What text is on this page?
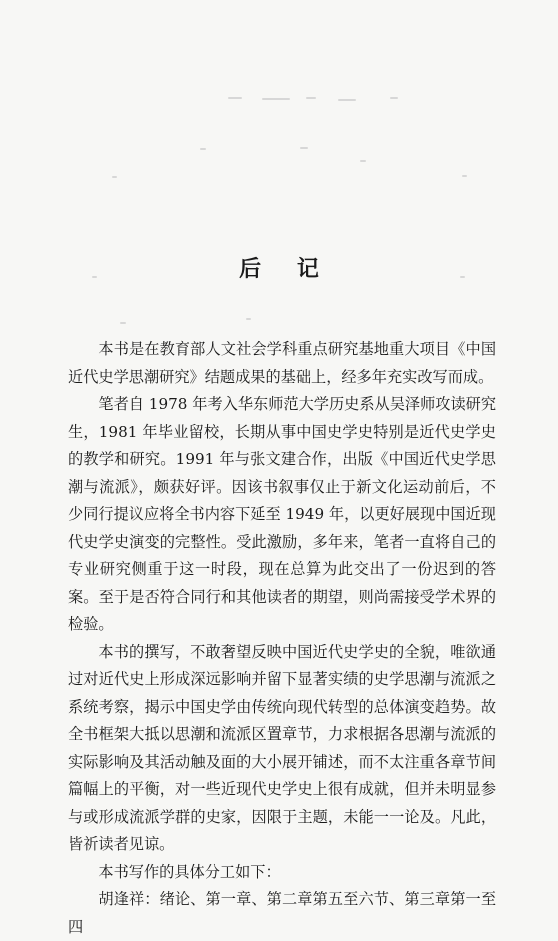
后 记

本书是在教育部人文社会学科重点研究基地重大项目《中国近代史学思潮研究》结题成果的基础上，经多年充实改写而成。

笔者自 1978 年考入华东师范大学历史系从吴泽师攻读研究生，1981 年毕业留校，长期从事中国史学史特别是近代史学史的教学和研究。1991 年与张文建合作，出版《中国近代史学思潮与流派》，颇获好评。因该书叙事仅止于新文化运动前后，不少同行提议应将全书内容下延至 1949 年，以更好展现中国近现代史学史演变的完整性。受此激励，多年来，笔者一直将自己的专业研究侧重于这一时段，现在总算为此交出了一份迟到的答案。至于是否符合同行和其他读者的期望，则尚需接受学术界的检验。

本书的撰写，不敢奢望反映中国近代史学史的全貌，唯欲通过对近代史上形成深远影响并留下显著实绩的史学思潮与流派之系统考察，揭示中国史学由传统向现代转型的总体演变趋势。故全书框架大抵以思潮和流派区置章节，力求根据各思潮与流派的实际影响及其活动触及面的大小展开铺述，而不太注重各章节间篇幅上的平衡，对一些近现代史学史上很有成就，但并未明显参与或形成流派学群的史家，因限于主题，未能一一论及。凡此，皆祈读者见谅。

本书写作的具体分工如下：

胡逢祥：绪论、第一章、第二章第五至六节、第三章第一至四
